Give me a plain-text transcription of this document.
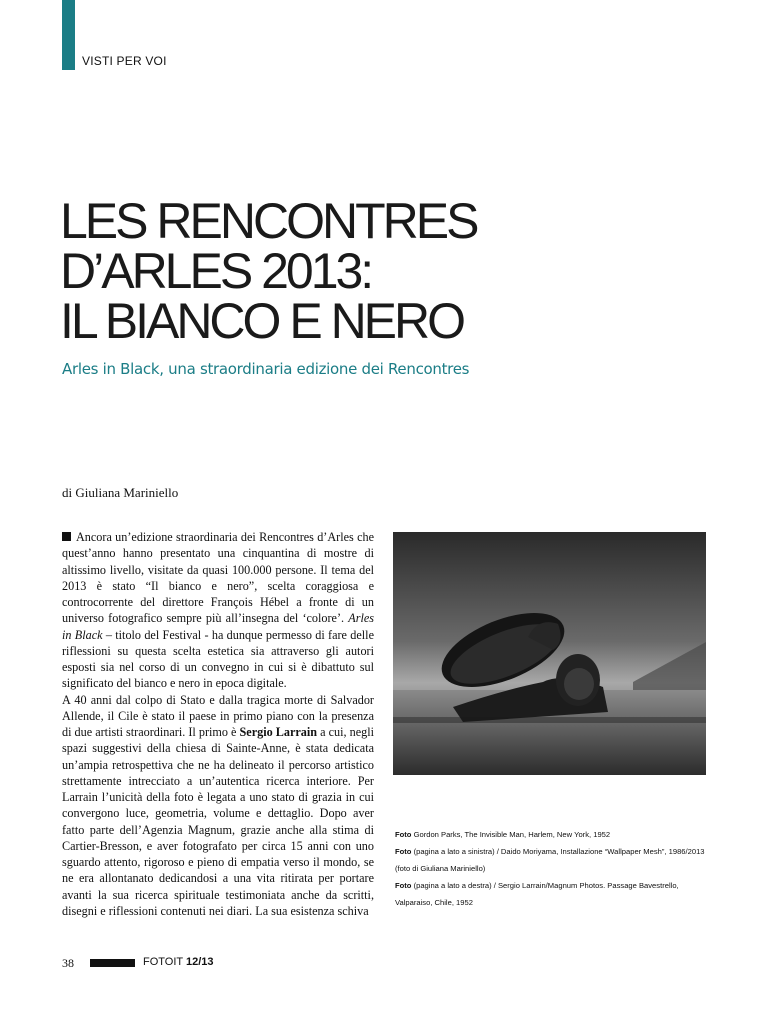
VISTI PER VOI
LES RENCONTRES
D’ARLES 2013:
IL BIANCO E NERO
Arles in Black, una straordinaria edizione dei Rencontres
di Giuliana Mariniello

Ancora un’edizione straordinaria dei Rencontres d’Arles che quest’anno hanno presentato una cinquantina di mostre di altissimo livello, visitate da quasi 100.000 persone. Il tema del 2013 è stato “Il bianco e nero”, scelta coraggiosa e controcorrente del direttore François Hébel a fronte di un universo fotografico sempre più all’insegna del ‘colore’. Arles in Black – titolo del Festival - ha dunque permesso di fare delle riflessioni su questa scelta estetica sia attraverso gli autori esposti sia nel corso di un convegno in cui si è dibattuto sul significato del bianco e nero in epoca digitale.

A 40 anni dal colpo di Stato e dalla tragica morte di Salvador Allende, il Cile è stato il paese in primo piano con la presenza di due artisti straordinari. Il primo è Sergio Larrain a cui, negli spazi suggestivi della chiesa di Sainte-Anne, è stata dedicata un’ampia retrospettiva che ne ha delineato il percorso artistico strettamente intrecciato a un’autentica ricerca interiore. Per Larrain l’unicità della foto è legata a uno stato di grazia in cui convergono luce, geometria, volume e dettaglio. Dopo aver fatto parte dell’Agenzia Magnum, grazie anche alla stima di Cartier-Bresson, e aver fotografato per circa 15 anni con uno sguardo attento, rigoroso e pieno di empatia verso il mondo, se ne era allontanato dedicandosi a una vita ritirata per portare avanti la sua ricerca spirituale testimoniata anche da scritti, disegni e riflessioni contenuti nei diari. La sua esistenza schiva

Foto Gordon Parks, The Invisible Man, Harlem, New York, 1952
Foto (pagina a lato a sinistra) / Daido Moriyama, Installazione “Wallpaper Mesh”, 1986/2013 (foto di Giuliana Mariniello)
Foto (pagina a lato a destra) / Sergio Larrain/Magnum Photos. Passage Bavestrello, Valparaiso, Chile, 1952
38	FOTOIT 12/13
